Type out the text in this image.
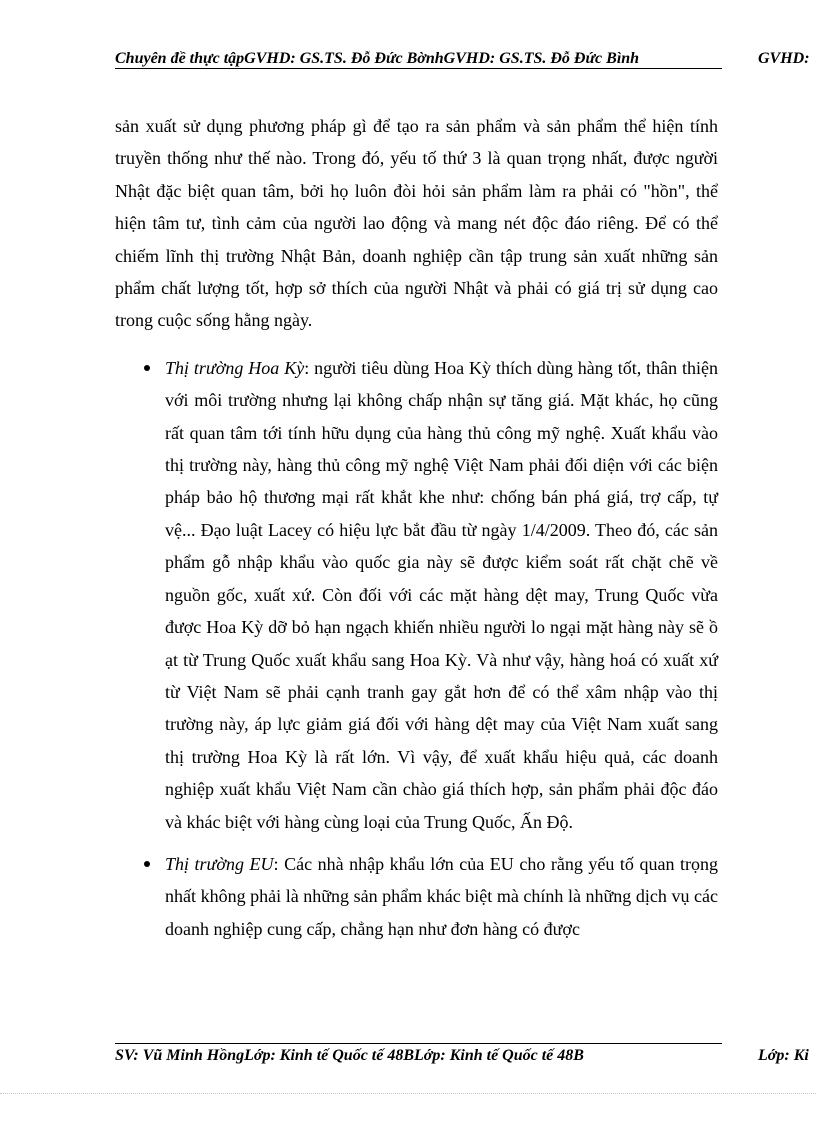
Chuyên đề thực tậpGVHD: GS.TS. Đỗ Đức BờnhGVHD: GS.TS. Đỗ Đức Bình	GVHD:

sản xuất sử dụng phương pháp gì để tạo ra sản phẩm và sản phẩm thể hiện tính truyền thống như thế nào. Trong đó, yếu tố thứ 3 là quan trọng nhất, được người Nhật đặc biệt quan tâm, bởi họ luôn đòi hỏi sản phẩm làm ra phải có "hồn", thể hiện tâm tư, tình cảm của người lao động và mang nét độc đáo riêng. Để có thể chiếm lĩnh thị trường Nhật Bản, doanh nghiệp cần tập trung sản xuất những sản phẩm chất lượng tốt, hợp sở thích của người Nhật và phải có giá trị sử dụng cao trong cuộc sống hằng ngày.

Thị trường Hoa Kỳ: người tiêu dùng Hoa Kỳ thích dùng hàng tốt, thân thiện với môi trường nhưng lại không chấp nhận sự tăng giá. Mặt khác, họ cũng rất quan tâm tới tính hữu dụng của hàng thủ công mỹ nghệ. Xuất khẩu vào thị trường này, hàng thủ công mỹ nghệ Việt Nam phải đối diện với các biện pháp bảo hộ thương mại rất khắt khe như: chống bán phá giá, trợ cấp, tự vệ... Đạo luật Lacey có hiệu lực bắt đầu từ ngày 1/4/2009. Theo đó, các sản phẩm gỗ nhập khẩu vào quốc gia này sẽ được kiểm soát rất chặt chẽ về nguồn gốc, xuất xứ. Còn đối với các mặt hàng dệt may, Trung Quốc vừa được Hoa Kỳ dỡ bỏ hạn ngạch khiến nhiều người lo ngại mặt hàng này sẽ ồ ạt từ Trung Quốc xuất khẩu sang Hoa Kỳ. Và như vậy, hàng hoá có xuất xứ từ Việt Nam sẽ phải cạnh tranh gay gắt hơn để có thể xâm nhập vào thị trường này, áp lực giảm giá đối với hàng dệt may của Việt Nam xuất sang thị trường Hoa Kỳ là rất lớn. Vì vậy, để xuất khẩu hiệu quả, các doanh nghiệp xuất khẩu Việt Nam cần chào giá thích hợp, sản phẩm phải độc đáo và khác biệt với hàng cùng loại của Trung Quốc, Ấn Độ.
Thị trường EU: Các nhà nhập khẩu lớn của EU cho rằng yếu tố quan trọng nhất không phải là những sản phẩm khác biệt mà chính là những dịch vụ các doanh nghiệp cung cấp, chẳng hạn như đơn hàng có được
SV: Vũ Minh HồngLớp: Kinh tế Quốc tế 48BLớp: Kinh tế Quốc tế 48B	Lớp: Ki
